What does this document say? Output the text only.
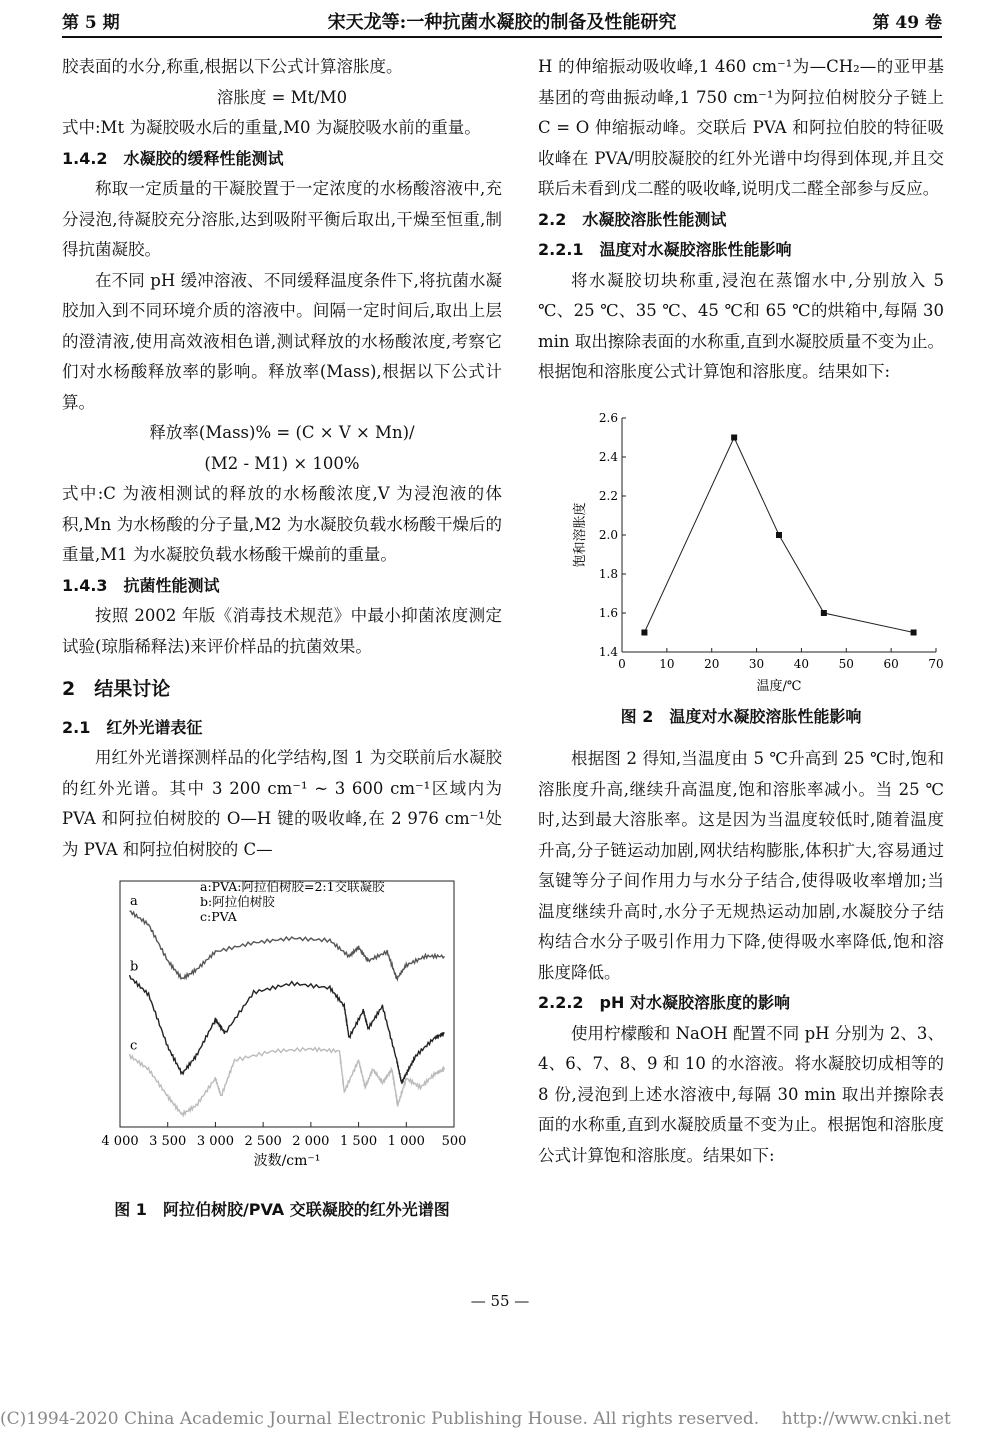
第 5 期	宋天龙等:一种抗菌水凝胶的制备及性能研究	第 49 卷

胶表面的水分,称重,根据以下公式计算溶胀度。

溶胀度 = Mt/M0

式中:Mt 为凝胶吸水后的重量,M0 为凝胶吸水前的重量。

1.4.2　水凝胶的缓释性能测试

称取一定质量的干凝胶置于一定浓度的水杨酸溶液中,充分浸泡,待凝胶充分溶胀,达到吸附平衡后取出,干燥至恒重,制得抗菌凝胶。

在不同 pH 缓冲溶液、不同缓释温度条件下,将抗菌水凝胶加入到不同环境介质的溶液中。间隔一定时间后,取出上层的澄清液,使用高效液相色谱,测试释放的水杨酸浓度,考察它们对水杨酸释放率的影响。释放率(Mass),根据以下公式计算。

释放率(Mass)% = (C × V × Mn)/

(M2 - M1) × 100%

式中:C 为液相测试的释放的水杨酸浓度,V 为浸泡液的体积,Mn 为水杨酸的分子量,M2 为水凝胶负载水杨酸干燥后的重量,M1 为水凝胶负载水杨酸干燥前的重量。

1.4.3　抗菌性能测试

按照 2002 年版《消毒技术规范》中最小抑菌浓度测定试验(琼脂稀释法)来评价样品的抗菌效果。

2　结果讨论

2.1　红外光谱表征

用红外光谱探测样品的化学结构,图 1 为交联前后水凝胶的红外光谱。其中 3 200 cm⁻¹ ~ 3 600 cm⁻¹区域内为 PVA 和阿拉伯树胶的 O—H 键的吸收峰,在 2 976 cm⁻¹处为 PVA 和阿拉伯树胶的 C—

4 000 3 500 3 000 2 500 2 000 1 500 1 000 500
波数/cm⁻¹
a:PVA:阿拉伯树胶=2:1交联凝胶
b:阿拉伯树胶
c:PVA
a
b
c

图 1　阿拉伯树胶/PVA 交联凝胶的红外光谱图

H 的伸缩振动吸收峰,1 460 cm⁻¹为—CH₂—的亚甲基基团的弯曲振动峰,1 750 cm⁻¹为阿拉伯树胶分子链上 C = O 伸缩振动峰。交联后 PVA 和阿拉伯胶的特征吸收峰在 PVA/明胶凝胶的红外光谱中均得到体现,并且交联后未看到戊二醛的吸收峰,说明戊二醛全部参与反应。

2.2　水凝胶溶胀性能测试

2.2.1　温度对水凝胶溶胀性能影响

将水凝胶切块称重,浸泡在蒸馏水中,分别放入 5 ℃、25 ℃、35 ℃、45 ℃和 65 ℃的烘箱中,每隔 30 min 取出擦除表面的水称重,直到水凝胶质量不变为止。根据饱和溶胀度公式计算饱和溶胀度。结果如下:

0	10 20 30 40 50 60 70
1.4
1.6
1.8
2.0
2.2
2.4
2.6
温度/℃
饱和溶胀度

图 2　温度对水凝胶溶胀性能影响

根据图 2 得知,当温度由 5 ℃升高到 25 ℃时,饱和溶胀度升高,继续升高温度,饱和溶胀率减小。当 25 ℃时,达到最大溶胀率。这是因为当温度较低时,随着温度升高,分子链运动加剧,网状结构膨胀,体积扩大,容易通过氢键等分子间作用力与水分子结合,使得吸收率增加;当温度继续升高时,水分子无规热运动加剧,水凝胶分子结构结合水分子吸引作用力下降,使得吸水率降低,饱和溶胀度降低。

2.2.2　pH 对水凝胶溶胀度的影响

使用柠檬酸和 NaOH 配置不同 pH 分别为 2、3、4、6、7、8、9 和 10 的水溶液。将水凝胶切成相等的 8 份,浸泡到上述水溶液中,每隔 30 min 取出并擦除表面的水称重,直到水凝胶质量不变为止。根据饱和溶胀度公式计算饱和溶胀度。结果如下:

— 55 —
(C)1994-2020 China Academic Journal Electronic Publishing House. All rights reserved.　 http://www.cnki.net
